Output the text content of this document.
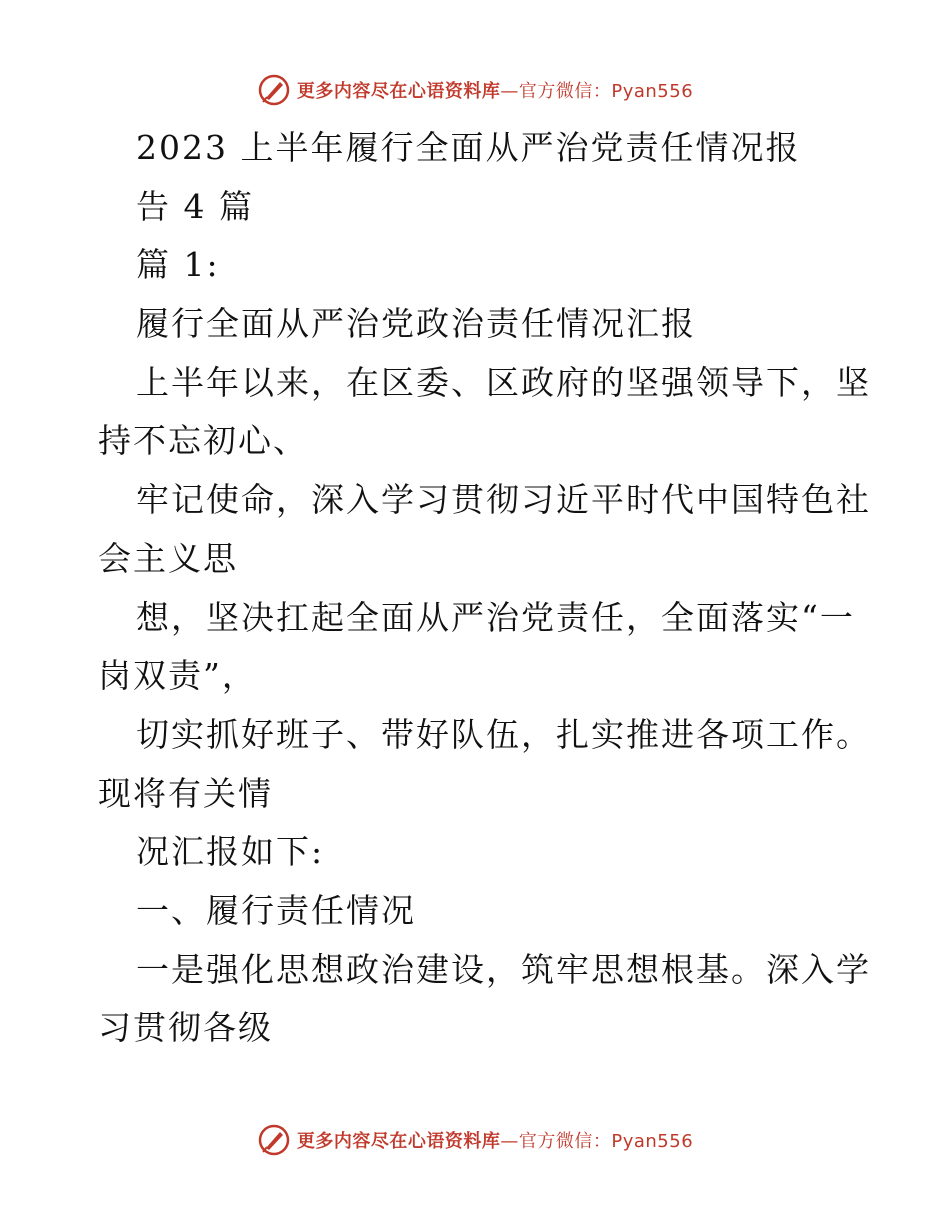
更多内容尽在心语资料库—官方微信：Pyan556
2023 上半年履行全面从严治党责任情况报
告 4 篇
篇 1:
履行全面从严治党政治责任情况汇报
上半年以来，在区委、区政府的坚强领导下，坚
持不忘初心、
牢记使命，深入学习贯彻习近平时代中国特色社
会主义思
想，坚决扛起全面从严治党责任，全面落实“一
岗双责”，
切实抓好班子、带好队伍，扎实推进各项工作。
现将有关情
况汇报如下:
一、履行责任情况
一是强化思想政治建设，筑牢思想根基。深入学
习贯彻各级
更多内容尽在心语资料库—官方微信：Pyan556
